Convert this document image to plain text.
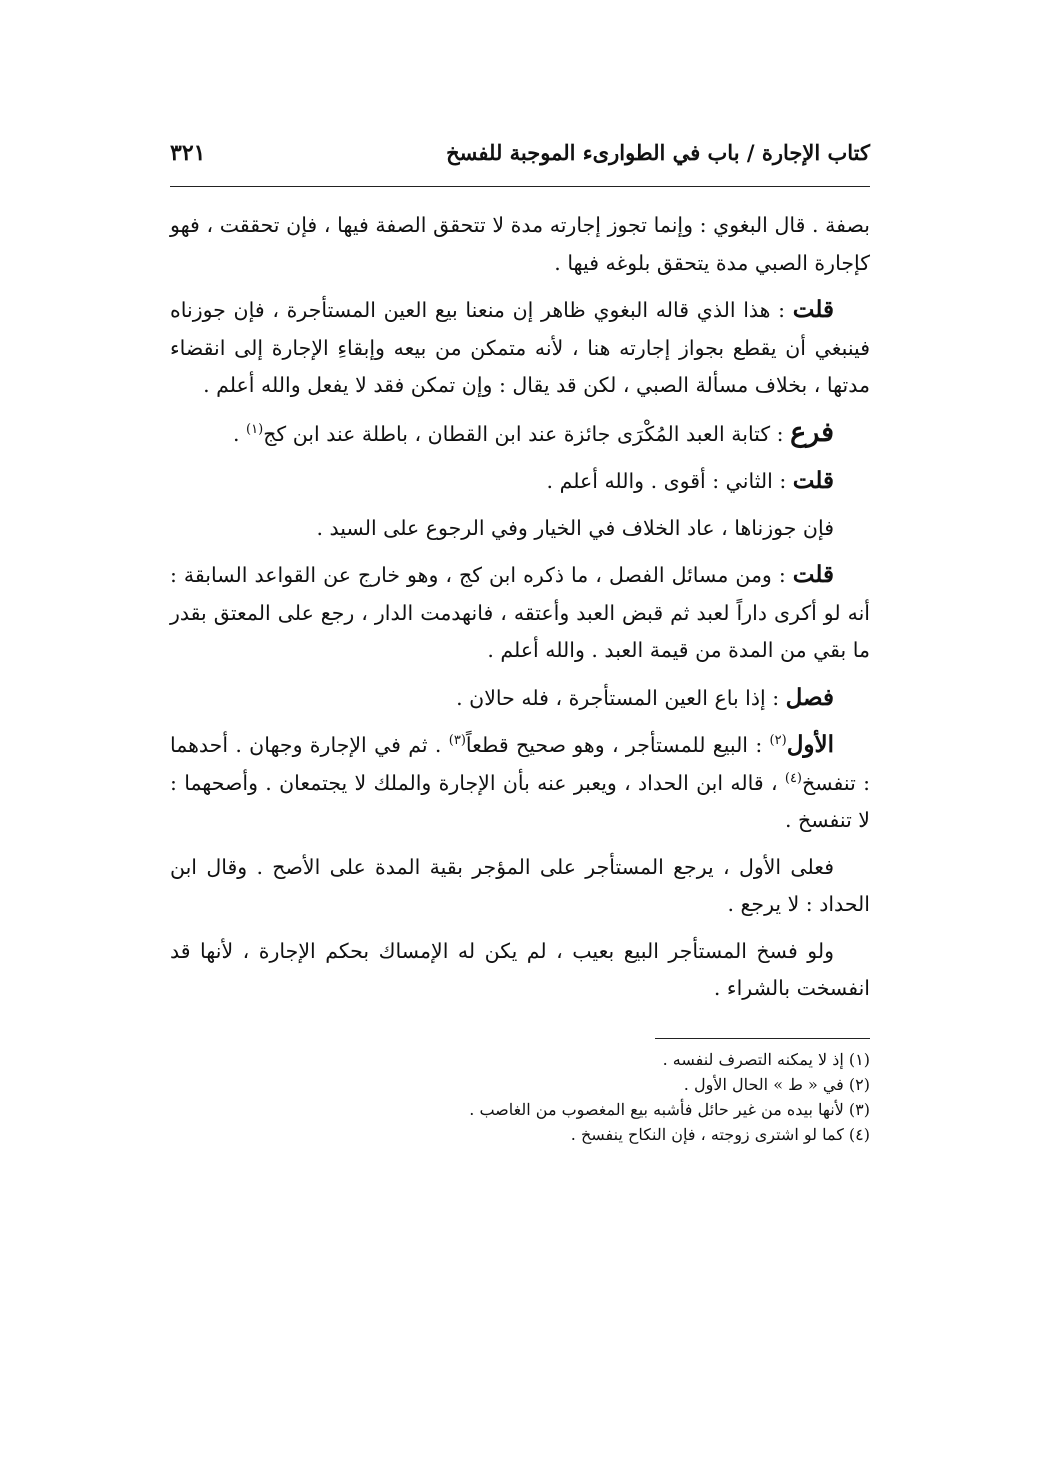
كتاب الإجارة / باب في الطوارىء الموجبة للفسخ
٣٢١

بصفة . قال البغوي : وإنما تجوز إجارته مدة لا تتحقق الصفة فيها ، فإن تحققت ، فهو كإجارة الصبي مدة يتحقق بلوغه فيها .

قلت : هذا الذي قاله البغوي ظاهر إن منعنا بيع العين المستأجرة ، فإن جوزناه فينبغي أن يقطع بجواز إجارته هنا ، لأنه متمكن من بيعه وإبقاءِ الإجارة إلى انقضاء مدتها ، بخلاف مسألة الصبي ، لكن قد يقال : وإن تمكن فقد لا يفعل والله أعلم .

فرع : كتابة العبد المُكْرَى جائزة عند ابن القطان ، باطلة عند ابن كج$^{(١)}$ .

قلت : الثاني : أقوى . والله أعلم .

فإن جوزناها ، عاد الخلاف في الخيار وفي الرجوع على السيد .

قلت : ومن مسائل الفصل ، ما ذكره ابن كج ، وهو خارج عن القواعد السابقة : أنه لو أكرى داراً لعبد ثم قبض العبد وأعتقه ، فانهدمت الدار ، رجع على المعتق بقدر ما بقي من المدة من قيمة العبد . والله أعلم .

فصل : إذا باع العين المستأجرة ، فله حالان .

الأول$^{(٢)}$ : البيع للمستأجر ، وهو صحيح قطعاً$^{(٣)}$ . ثم في الإجارة وجهان . أحدهما : تنفسخ$^{(٤)}$ ، قاله ابن الحداد ، ويعبر عنه بأن الإجارة والملك لا يجتمعان . وأصحهما : لا تنفسخ .

فعلى الأول ، يرجع المستأجر على المؤجر بقية المدة على الأصح . وقال ابن الحداد : لا يرجع .

ولو فسخ المستأجر البيع بعيب ، لم يكن له الإمساك بحكم الإجارة ، لأنها قد انفسخت بالشراء .

(١) إذ لا يمكنه التصرف لنفسه .

(٢) في « ط » الحال الأول .

(٣) لأنها بيده من غير حائل فأشبه بيع المغصوب من الغاصب .

(٤) كما لو اشترى زوجته ، فإن النكاح ينفسخ .
